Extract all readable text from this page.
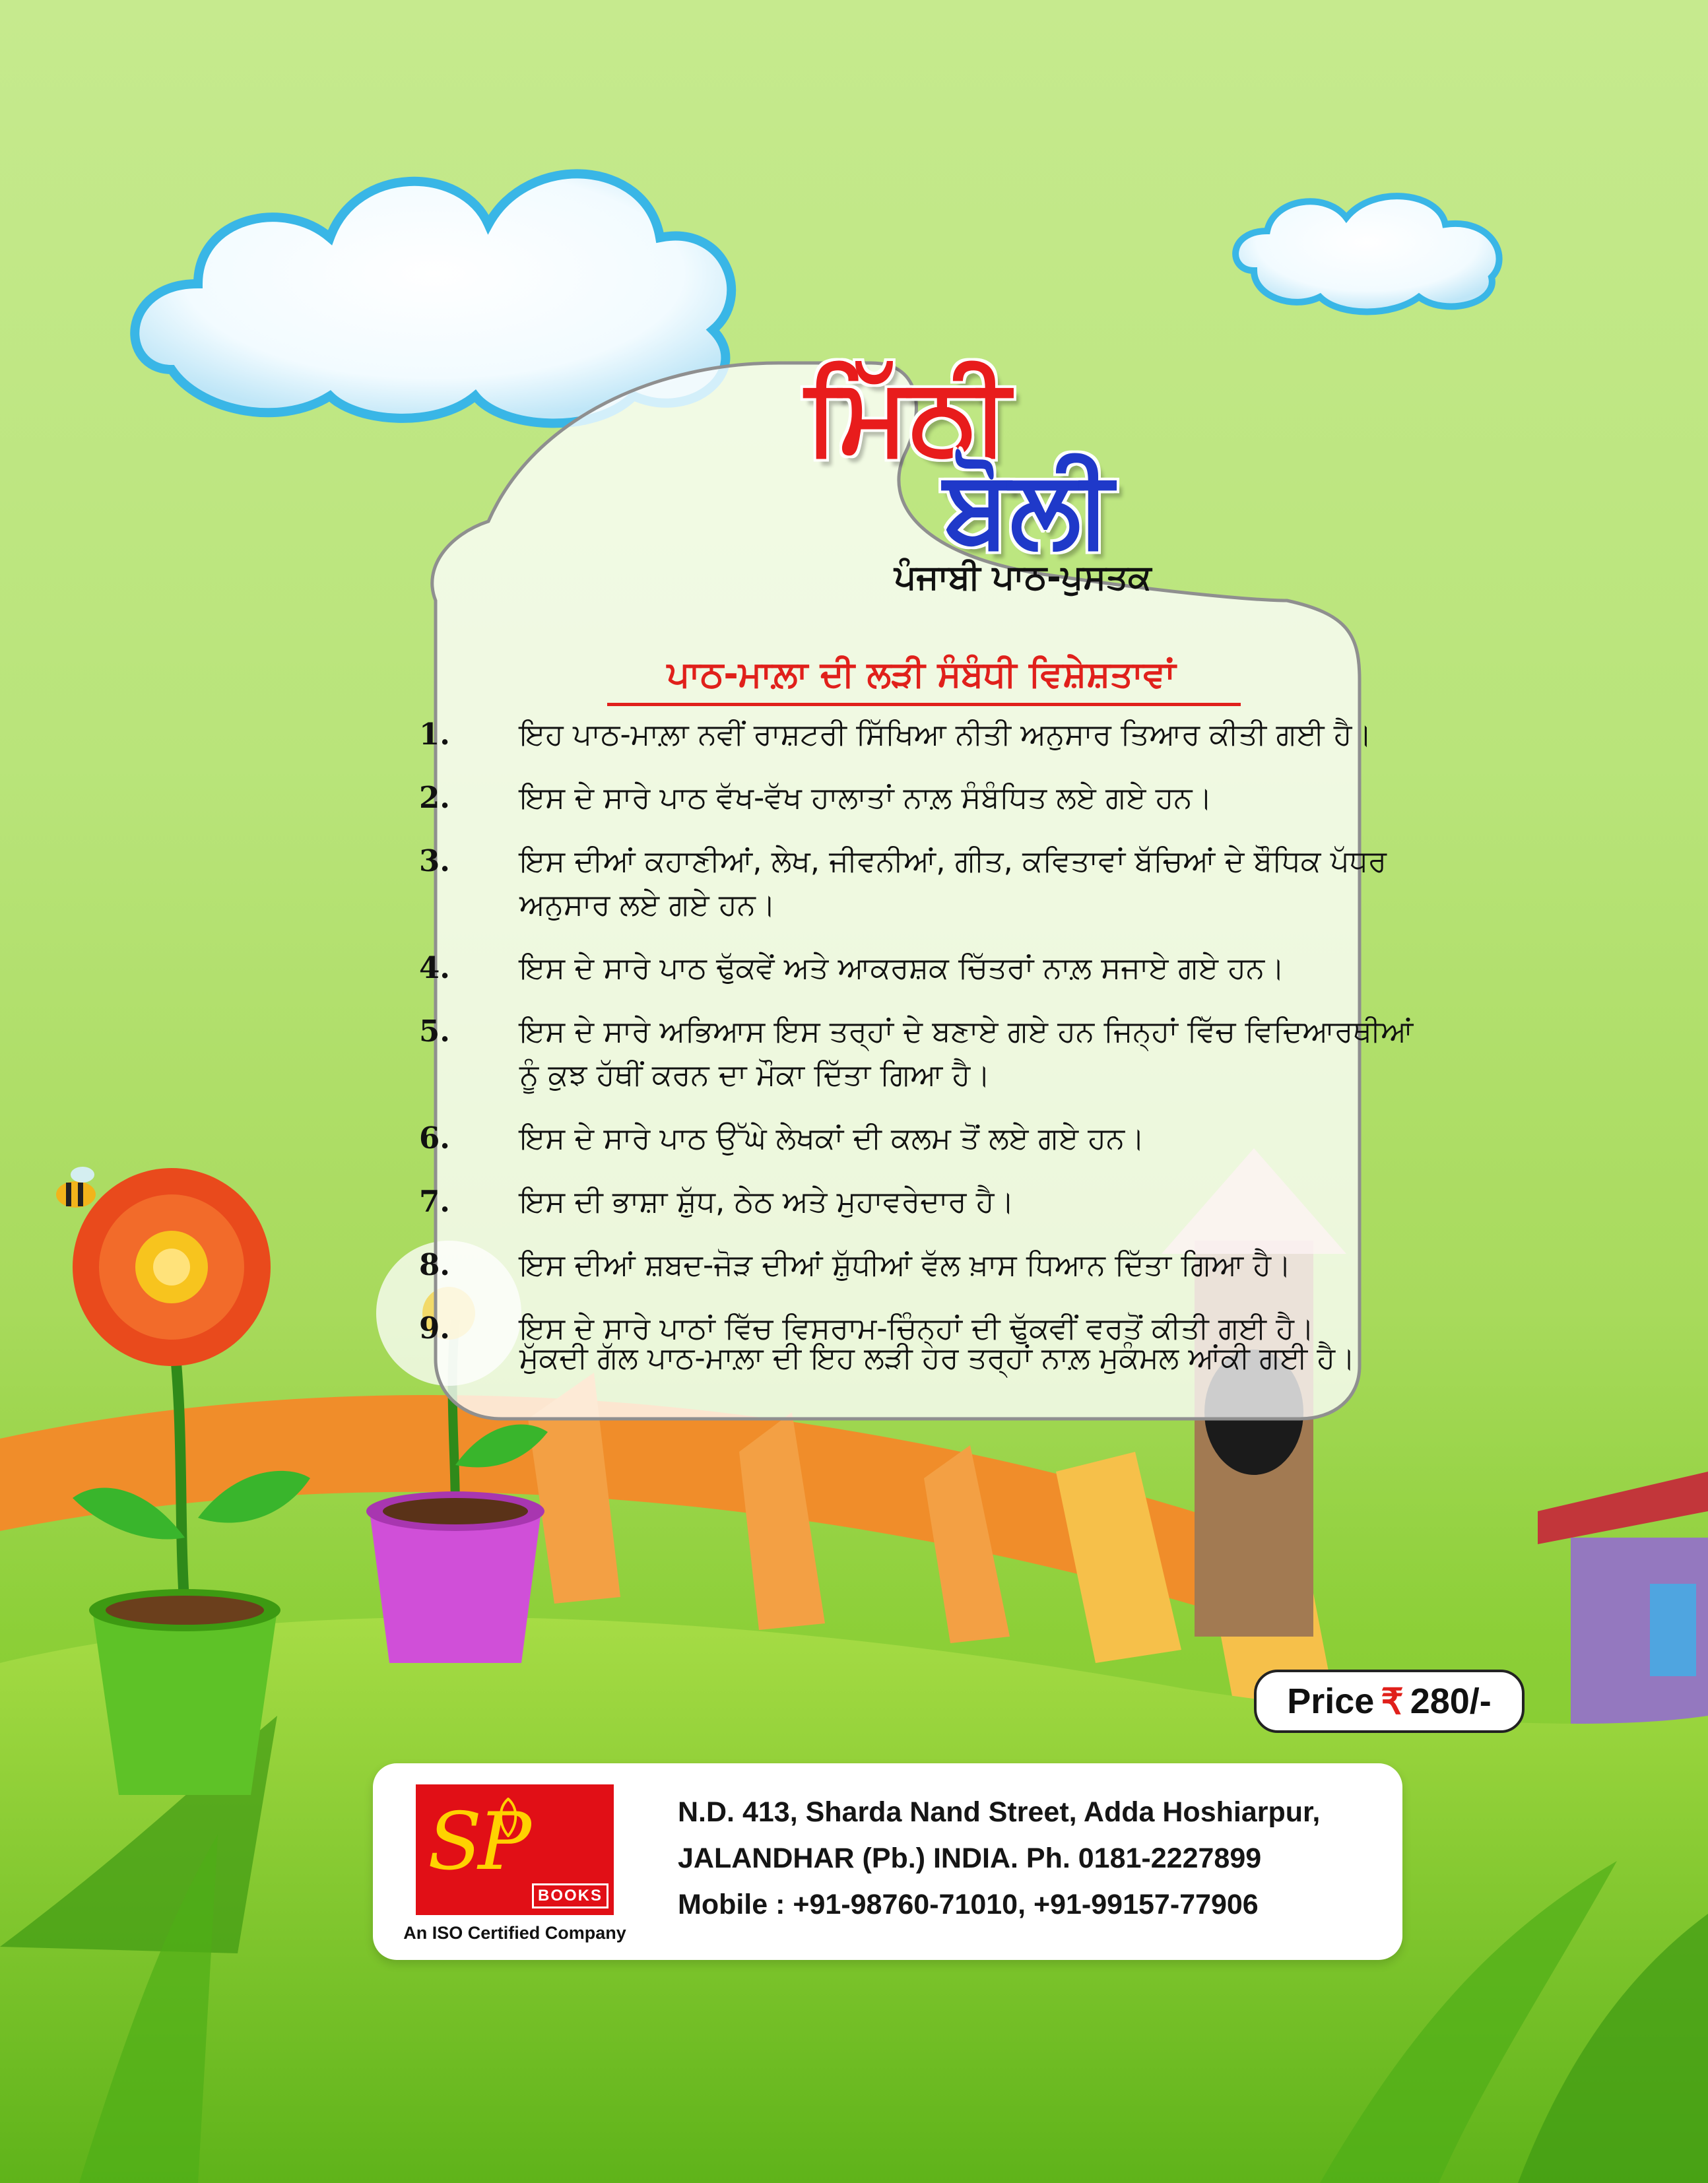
ਮਿੱਠੀ
ਬੋਲੀ
ਪੰਜਾਬੀ ਪਾਠ-ਪੁਸਤਕ
ਪਾਠ-ਮਾਲ਼ਾ ਦੀ ਲੜੀ ਸੰਬੰਧੀ ਵਿਸ਼ੇਸ਼ਤਾਵਾਂ
1.	ਇਹ ਪਾਠ-ਮਾਲ਼ਾ ਨਵੀਂ ਰਾਸ਼ਟਰੀ ਸਿੱਖਿਆ ਨੀਤੀ ਅਨੁਸਾਰ ਤਿਆਰ ਕੀਤੀ ਗਈ ਹੈ।
2.	ਇਸ ਦੇ ਸਾਰੇ ਪਾਠ ਵੱਖ-ਵੱਖ ਹਾਲਾਤਾਂ ਨਾਲ਼ ਸੰਬੰਧਿਤ ਲਏ ਗਏ ਹਨ।
3.	ਇਸ ਦੀਆਂ ਕਹਾਣੀਆਂ, ਲੇਖ, ਜੀਵਨੀਆਂ, ਗੀਤ, ਕਵਿਤਾਵਾਂ ਬੱਚਿਆਂ ਦੇ ਬੌਧਿਕ ਪੱਧਰ ਅਨੁਸਾਰ ਲਏ ਗਏ ਹਨ।
4.	ਇਸ ਦੇ ਸਾਰੇ ਪਾਠ ਢੁੱਕਵੇਂ ਅਤੇ ਆਕਰਸ਼ਕ ਚਿੱਤਰਾਂ ਨਾਲ਼ ਸਜਾਏ ਗਏ ਹਨ।
5.	ਇਸ ਦੇ ਸਾਰੇ ਅਭਿਆਸ ਇਸ ਤਰ੍ਹਾਂ ਦੇ ਬਣਾਏ ਗਏ ਹਨ ਜਿਨ੍ਹਾਂ ਵਿੱਚ ਵਿਦਿਆਰਥੀਆਂ ਨੂੰ ਕੁਝ ਹੱਥੀਂ ਕਰਨ ਦਾ ਮੌਕਾ ਦਿੱਤਾ ਗਿਆ ਹੈ।
6.	ਇਸ ਦੇ ਸਾਰੇ ਪਾਠ ਉੱਘੇ ਲੇਖਕਾਂ ਦੀ ਕਲਮ ਤੋਂ ਲਏ ਗਏ ਹਨ।
7.	ਇਸ ਦੀ ਭਾਸ਼ਾ ਸ਼ੁੱਧ, ਠੇਠ ਅਤੇ ਮੁਹਾਵਰੇਦਾਰ ਹੈ।
8.	ਇਸ ਦੀਆਂ ਸ਼ਬਦ-ਜੋੜ ਦੀਆਂ ਸ਼ੁੱਧੀਆਂ ਵੱਲ ਖ਼ਾਸ ਧਿਆਨ ਦਿੱਤਾ ਗਿਆ ਹੈ।
9.	ਇਸ ਦੇ ਸਾਰੇ ਪਾਠਾਂ ਵਿੱਚ ਵਿਸਰਾਮ-ਚਿੰਨ੍ਹਾਂ ਦੀ ਢੁੱਕਵੀਂ ਵਰਤੋਂ ਕੀਤੀ ਗਈ ਹੈ।
ਮੁੱਕਦੀ ਗੱਲ ਪਾਠ-ਮਾਲ਼ਾ ਦੀ ਇਹ ਲੜੀ ਹਰ ਤਰ੍ਹਾਂ ਨਾਲ਼ ਮੁਕੰਮਲ ਆਂਕੀ ਗਈ ਹੈ।
Price ₹ 280/-
SP
BOOKS
An ISO Certified Company
N.D. 413, Sharda Nand Street, Adda Hoshiarpur,
JALANDHAR (Pb.) INDIA. Ph. 0181-2227899
Mobile : +91-98760-71010, +91-99157-77906
